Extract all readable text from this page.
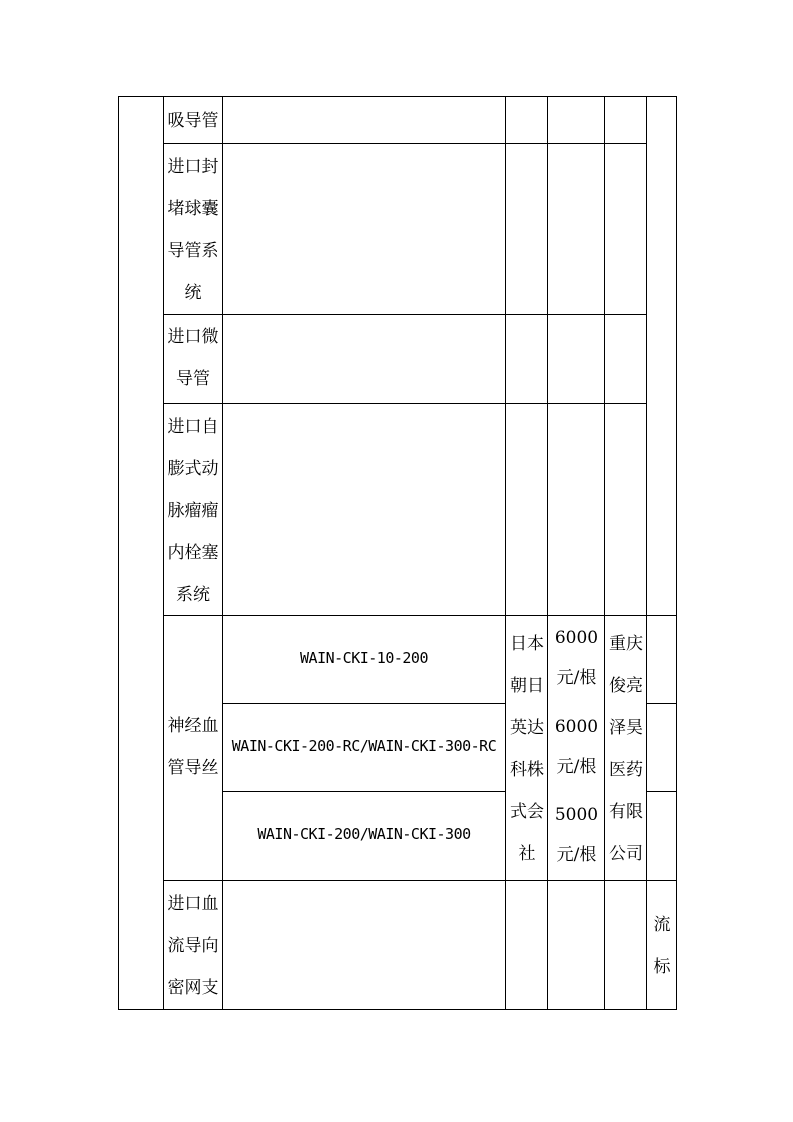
吸导管
进口封
堵球囊
导管系
统
进口微
导管
进口自
膨式动
脉瘤瘤
内栓塞
系统
神经血
管导丝
进口血
流导向
密网支
WAIN-CKI-10-200
WAIN-CKI-200-RC/WAIN-CKI-300-RC
WAIN-CKI-200/WAIN-CKI-300
日本
朝日
英达
科株
式会
社
6000
元/根
6000
元/根
5000
元/根
重庆
俊亮
泽昊
医药
有限
公司
流
标
